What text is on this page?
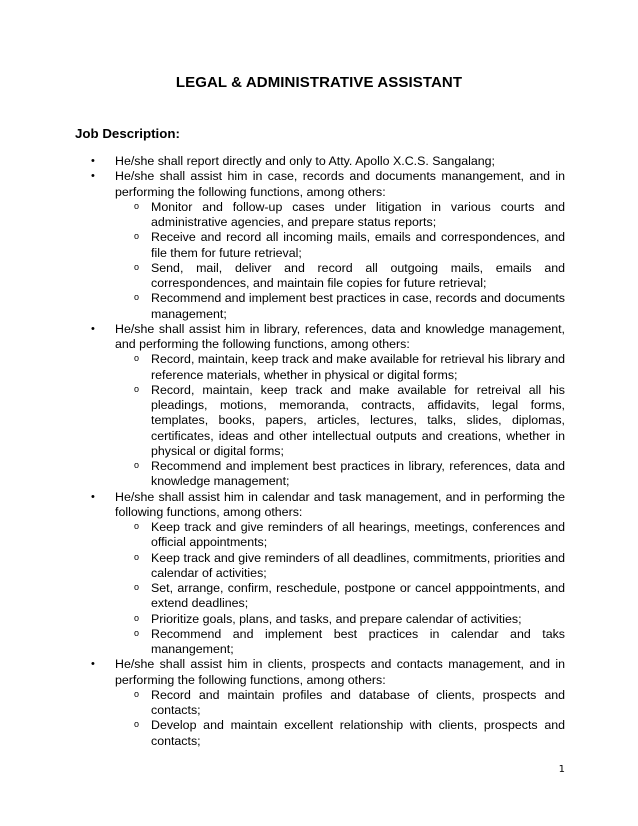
LEGAL & ADMINISTRATIVE ASSISTANT
Job Description:
• He/she shall report directly and only to Atty. Apollo X.C.S. Sangalang;
• He/she shall assist him in case, records and documents manangement, and in performing the following functions, among others:
o Monitor and follow-up cases under litigation in various courts and administrative agencies, and prepare status reports;
o Receive and record all incoming mails, emails and correspondences, and file them for future retrieval;
o Send, mail, deliver and record all outgoing mails, emails and correspondences, and maintain file copies for future retrieval;
o Recommend and implement best practices in case, records and documents management;
• He/she shall assist him in library, references, data and knowledge management, and performing the following functions, among others:
o Record, maintain, keep track and make available for retrieval his library and reference materials, whether in physical or digital forms;
o Record, maintain, keep track and make available for retreival all his pleadings, motions, memoranda, contracts, affidavits, legal forms, templates, books, papers, articles, lectures, talks, slides, diplomas, certificates, ideas and other intellectual outputs and creations, whether in physical or digital forms;
o Recommend and implement best practices in library, references, data and knowledge management;
• He/she shall assist him in calendar and task management, and in performing the following functions, among others:
o Keep track and give reminders of all hearings, meetings, conferences and official appointments;
o Keep track and give reminders of all deadlines, commitments, priorities and calendar of activities;
o Set, arrange, confirm, reschedule, postpone or cancel apppointments, and extend deadlines;
o Prioritize goals, plans, and tasks, and prepare calendar of activities;
o Recommend and implement best practices in calendar and taks manangement;
• He/she shall assist him in clients, prospects and contacts management, and in performing the following functions, among others:
o Record and maintain profiles and database of clients, prospects and contacts;
o Develop and maintain excellent relationship with clients, prospects and contacts;
1
